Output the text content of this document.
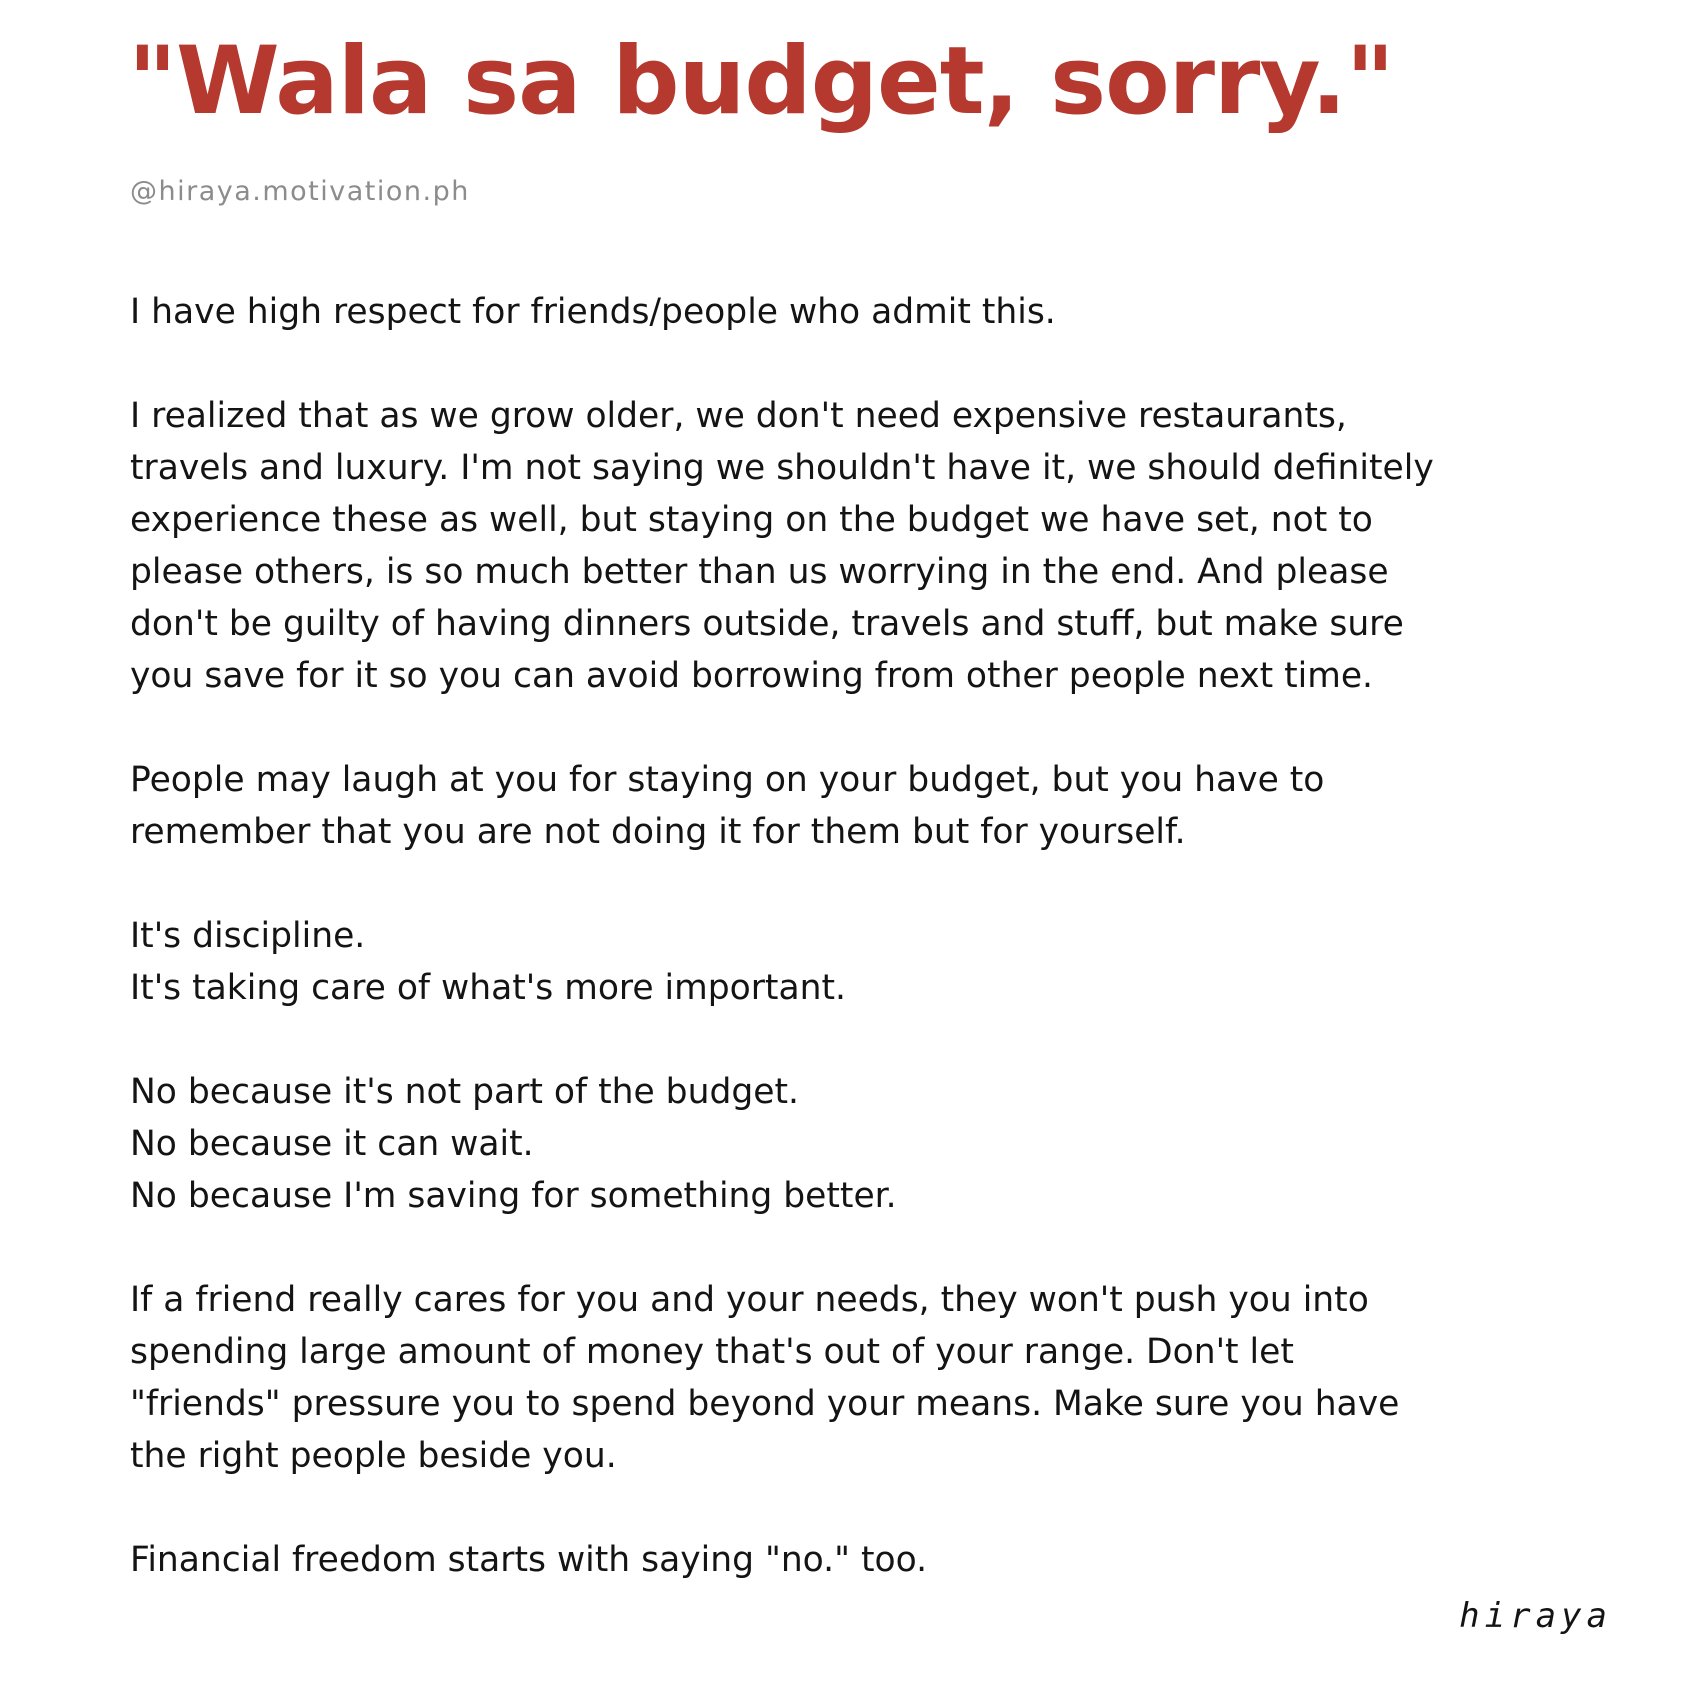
"Wala sa budget, sorry."
@hiraya.motivation.ph

I have high respect for friends/people who admit this.

I realized that as we grow older, we don't need expensive restaurants,
travels and luxury. I'm not saying we shouldn't have it, we should definitely
experience these as well, but staying on the budget we have set, not to
please others, is so much better than us worrying in the end. And please
don't be guilty of having dinners outside, travels and stuff, but make sure
you save for it so you can avoid borrowing from other people next time.

People may laugh at you for staying on your budget, but you have to
remember that you are not doing it for them but for yourself.

It's discipline.
It's taking care of what's more important.

No because it's not part of the budget.
No because it can wait.
No because I'm saving for something better.

If a friend really cares for you and your needs, they won't push you into
spending large amount of money that's out of your range. Don't let
"friends" pressure you to spend beyond your means. Make sure you have
the right people beside you.

Financial freedom starts with saying "no." too.

hiraya
